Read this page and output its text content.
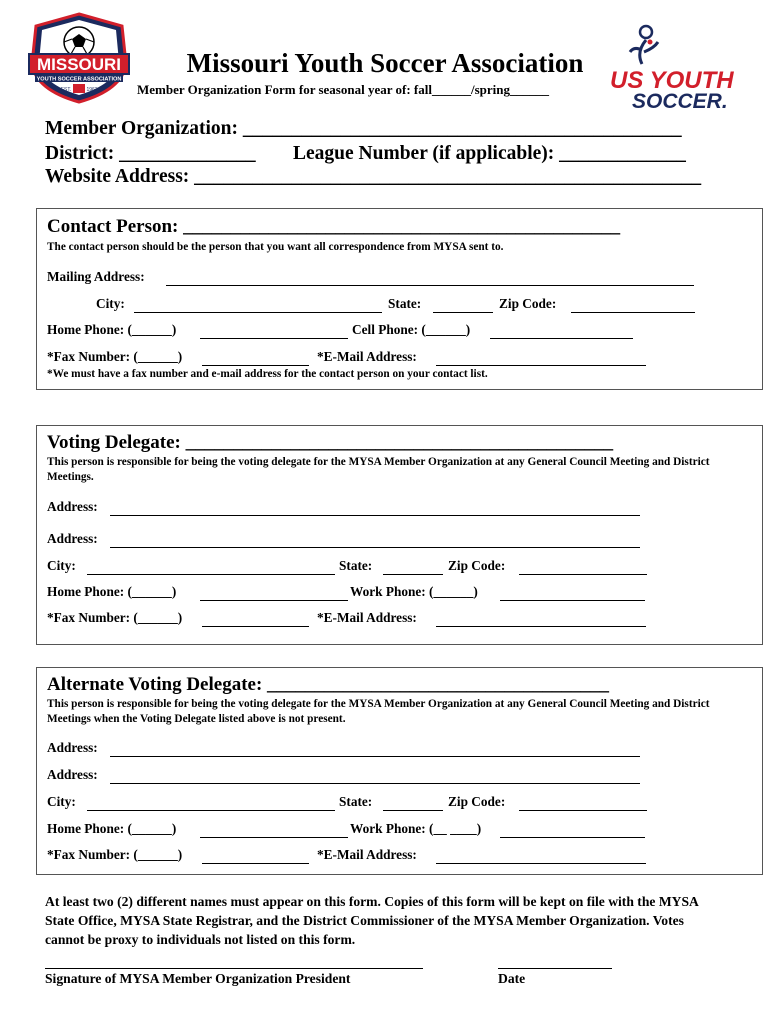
MISSOURI
YOUTH SOCCER ASSOCIATION
EST.	1963
Missouri Youth Soccer Association
Member Organization Form for seasonal year of: fall______/spring______	US YOUTH
SOCCER.
Member Organization: _____________________________________________
District: ______________ League Number (if applicable): _____________
Website Address: ____________________________________________________
Contact Person: ______________________________________________
The contact person should be the person that you want all correspondence from MYSA sent to.
Mailing Address:
City:	State:	Zip Code:
Home Phone: (______)	Cell Phone: (______)
*Fax Number: (______)	*E-Mail Address:
*We must have a fax number and e-mail address for the contact person on your contact list.
Voting Delegate: _____________________________________________
This person is responsible for being the voting delegate for the MYSA Member Organization at any General Council Meeting and District Meetings.
Address:
Address:
City:	State:	Zip Code:
Home Phone: (______)	Work Phone: (______)
*Fax Number: (______)	*E-Mail Address:
Alternate Voting Delegate: ____________________________________
This person is responsible for being the voting delegate for the MYSA Member Organization at any General Council Meeting and District Meetings when the Voting Delegate listed above is not present.
Address:
Address:
City:	State:	Zip Code:
Home Phone: (______)	Work Phone: (__ ____)
*Fax Number: (______)	*E-Mail Address:
At least two (2) different names must appear on this form. Copies of this form will be kept on file with the MYSA State Office, MYSA State Registrar, and the District Commissioner of the MYSA Member Organization. Votes cannot be proxy to individuals not listed on this form.
Signature of MYSA Member Organization President	Date
